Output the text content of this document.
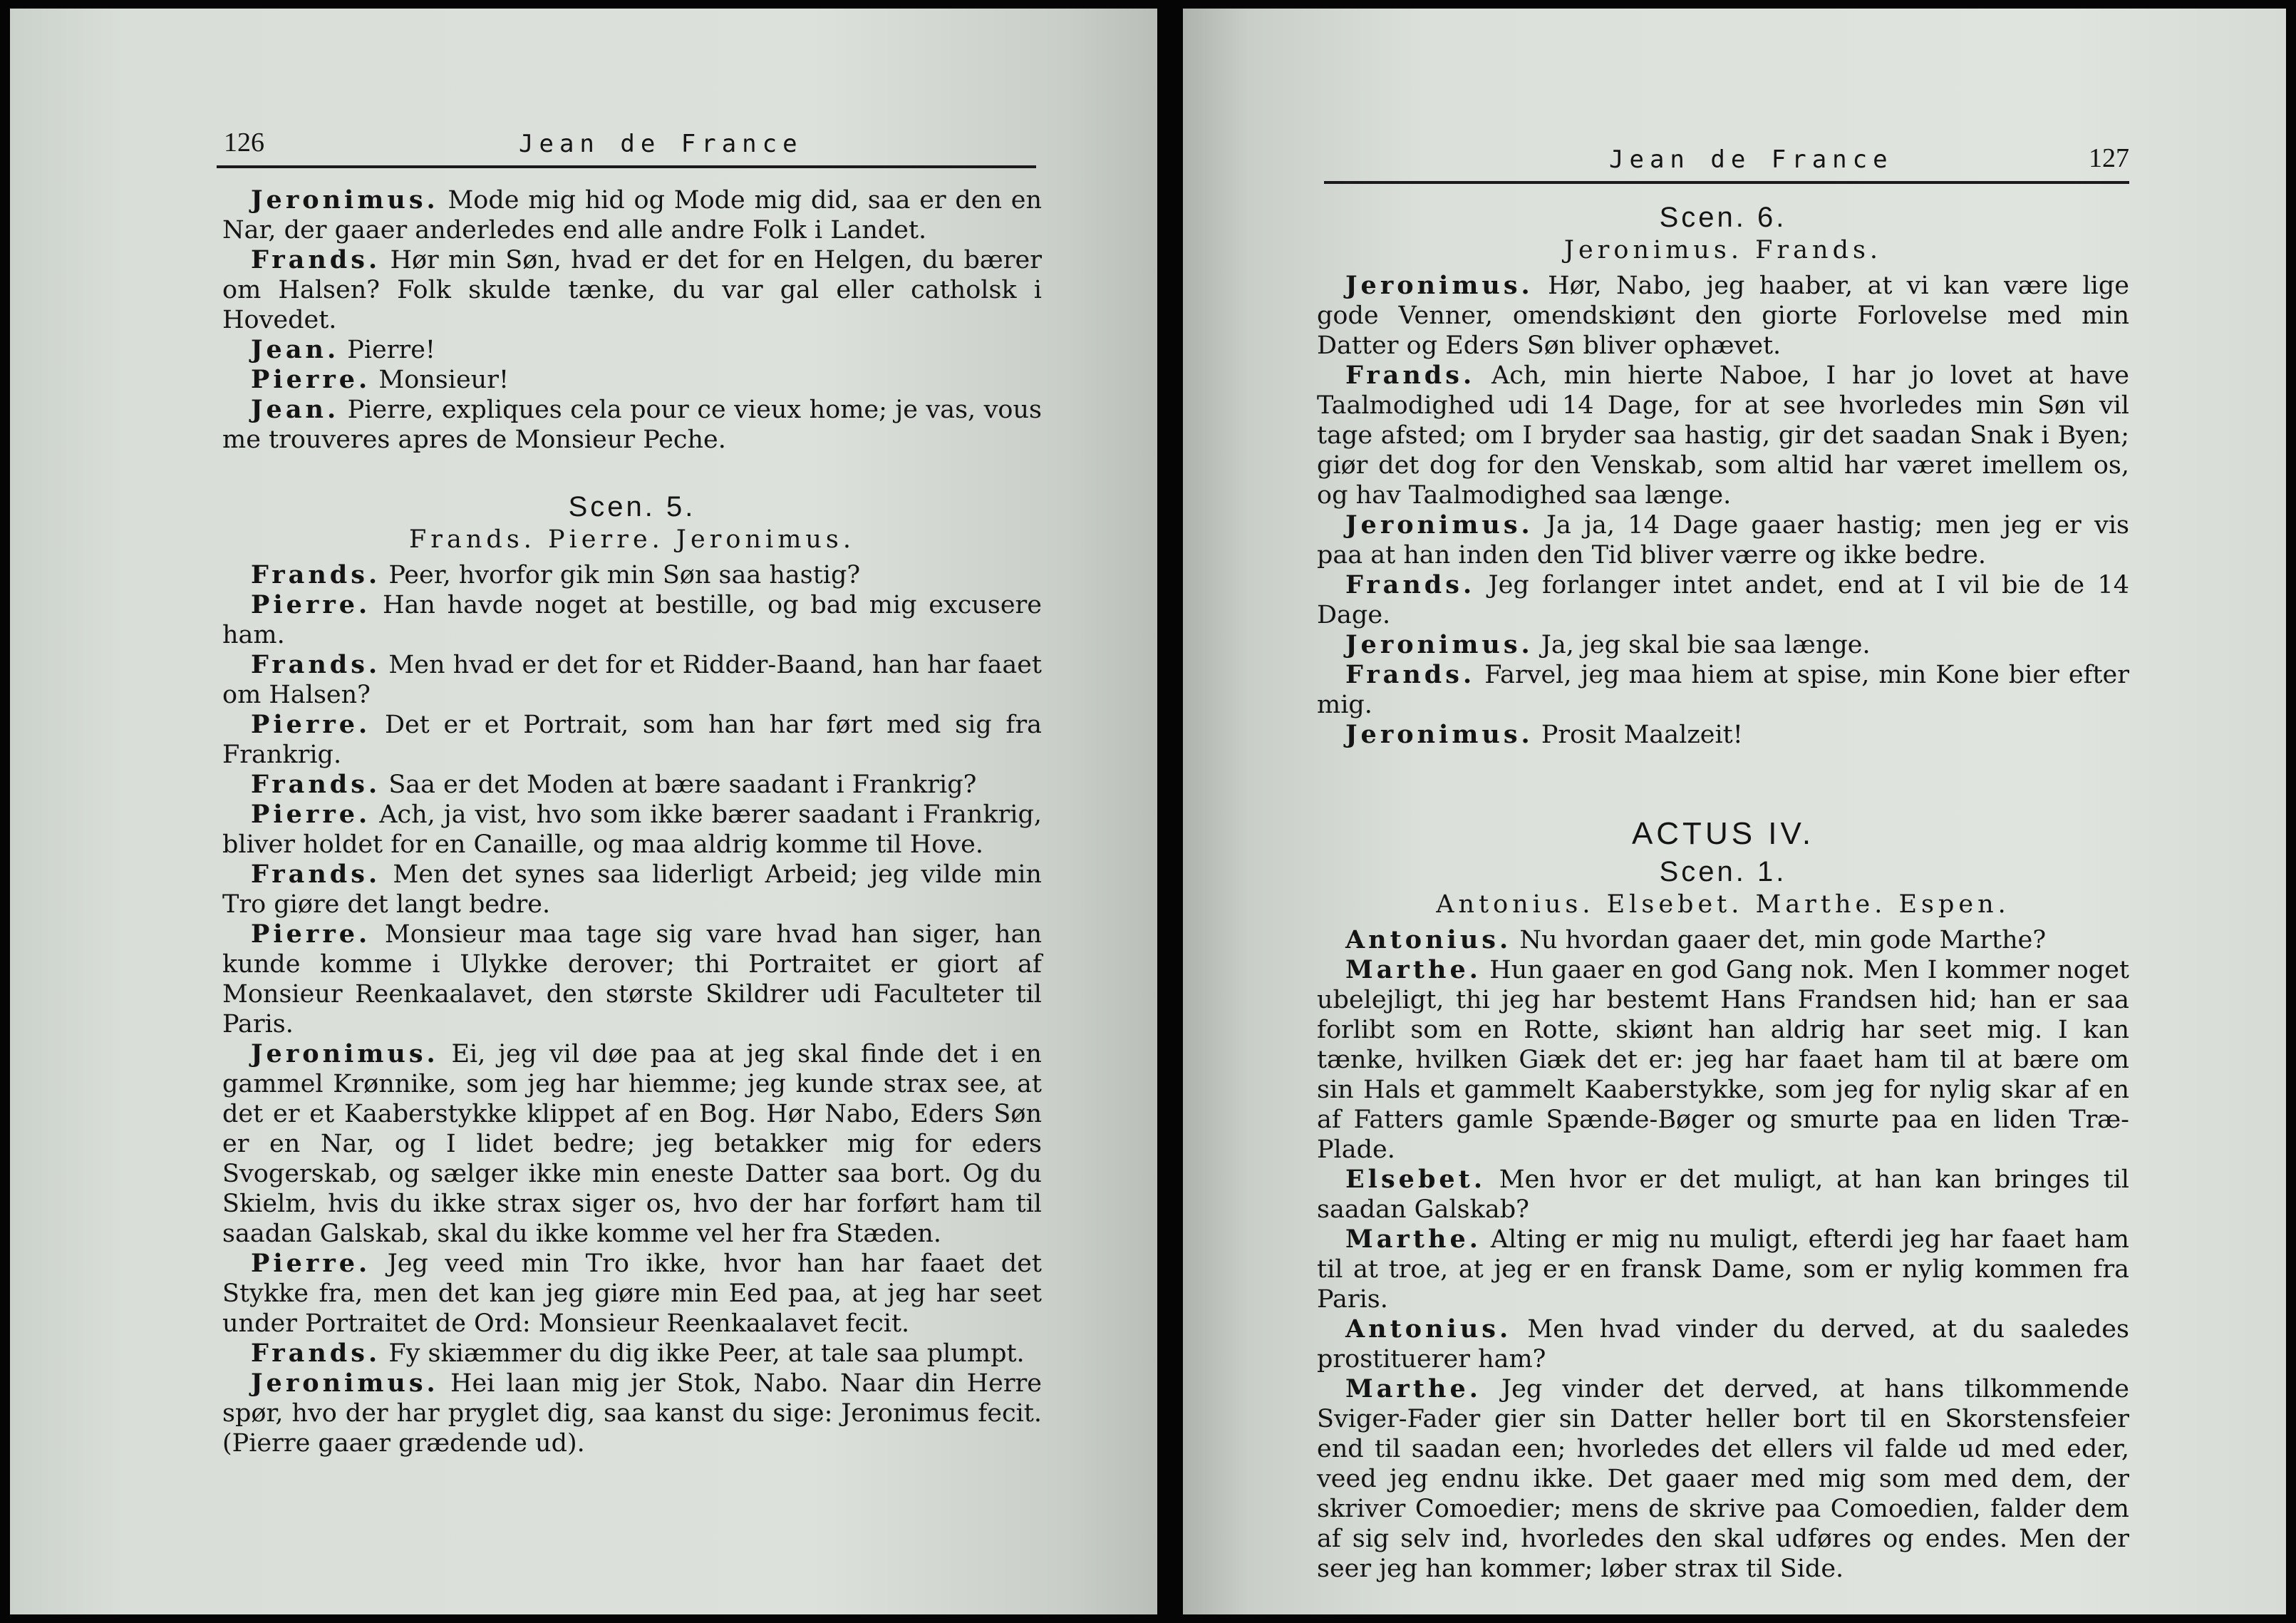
126	Jean de France

Jeronimus. Mode mig hid og Mode mig did, saa er den en Nar, der gaaer anderledes end alle andre Folk i Landet.

Frands. Hør min Søn, hvad er det for en Helgen, du bærer om Halsen? Folk skulde tænke, du var gal eller catholsk i Hovedet.

Jean. Pierre!

Pierre. Monsieur!

Jean. Pierre, expliques cela pour ce vieux home; je vas, vous me trouveres apres de Monsieur Peche.

Scen. 5.
Frands. Pierre. Jeronimus.

Frands. Peer, hvorfor gik min Søn saa hastig?

Pierre. Han havde noget at bestille, og bad mig excusere ham.

Frands. Men hvad er det for et Ridder-Baand, han har faaet om Halsen?

Pierre. Det er et Portrait, som han har ført med sig fra Frankrig.

Frands. Saa er det Moden at bære saadant i Frankrig?

Pierre. Ach, ja vist, hvo som ikke bærer saadant i Frankrig, bliver holdet for en Canaille, og maa aldrig komme til Hove.

Frands. Men det synes saa liderligt Arbeid; jeg vilde min Tro giøre det langt bedre.

Pierre. Monsieur maa tage sig vare hvad han siger, han kunde komme i Ulykke derover; thi Portraitet er giort af Monsieur Reenkaalavet, den største Skildrer udi Faculteter til Paris.

Jeronimus. Ei, jeg vil døe paa at jeg skal finde det i en gammel Krønnike, som jeg har hiemme; jeg kunde strax see, at det er et Kaaberstykke klippet af en Bog. Hør Nabo, Eders Søn er en Nar, og I lidet bedre; jeg betakker mig for eders Svogerskab, og sælger ikke min eneste Datter saa bort. Og du Skielm, hvis du ikke strax siger os, hvo der har forført ham til saadan Galskab, skal du ikke komme vel her fra Stæden.

Pierre. Jeg veed min Tro ikke, hvor han har faaet det Stykke fra, men det kan jeg giøre min Eed paa, at jeg har seet under Portraitet de Ord: Monsieur Reenkaalavet fecit.

Frands. Fy skiæmmer du dig ikke Peer, at tale saa plumpt.

Jeronimus. Hei laan mig jer Stok, Nabo. Naar din Herre spør, hvo der har pryglet dig, saa kanst du sige: Jeronimus fecit. (Pierre gaaer grædende ud).

Jean de France	127
Scen. 6.
Jeronimus. Frands.

Jeronimus. Hør, Nabo, jeg haaber, at vi kan være lige gode Venner, omendskiønt den giorte Forlovelse med min Datter og Eders Søn bliver ophævet.

Frands. Ach, min hierte Naboe, I har jo lovet at have Taalmodighed udi 14 Dage, for at see hvorledes min Søn vil tage afsted; om I bryder saa hastig, gir det saadan Snak i Byen; giør det dog for den Venskab, som altid har været imellem os, og hav Taalmodighed saa længe.

Jeronimus. Ja ja, 14 Dage gaaer hastig; men jeg er vis paa at han inden den Tid bliver værre og ikke bedre.

Frands. Jeg forlanger intet andet, end at I vil bie de 14 Dage.

Jeronimus. Ja, jeg skal bie saa længe.

Frands. Farvel, jeg maa hiem at spise, min Kone bier efter mig.

Jeronimus. Prosit Maalzeit!

ACTUS IV.
Scen. 1.
Antonius. Elsebet. Marthe. Espen.

Antonius. Nu hvordan gaaer det, min gode Marthe?

Marthe. Hun gaaer en god Gang nok. Men I kommer noget ubelejligt, thi jeg har bestemt Hans Frandsen hid; han er saa forlibt som en Rotte, skiønt han aldrig har seet mig. I kan tænke, hvilken Giæk det er: jeg har faaet ham til at bære om sin Hals et gammelt Kaaberstykke, som jeg for nylig skar af en af Fatters gamle Spænde-Bøger og smurte paa en liden Træ-Plade.

Elsebet. Men hvor er det muligt, at han kan bringes til saadan Galskab?

Marthe. Alting er mig nu muligt, efterdi jeg har faaet ham til at troe, at jeg er en fransk Dame, som er nylig kommen fra Paris.

Antonius. Men hvad vinder du derved, at du saaledes prostituerer ham?

Marthe. Jeg vinder det derved, at hans tilkommende Sviger-Fader gier sin Datter heller bort til en Skorstensfeier end til saadan een; hvorledes det ellers vil falde ud med eder, veed jeg endnu ikke. Det gaaer med mig som med dem, der skriver Comoedier; mens de skrive paa Comoedien, falder dem af sig selv ind, hvorledes den skal udføres og endes. Men der seer jeg han kommer; løber strax til Side.
